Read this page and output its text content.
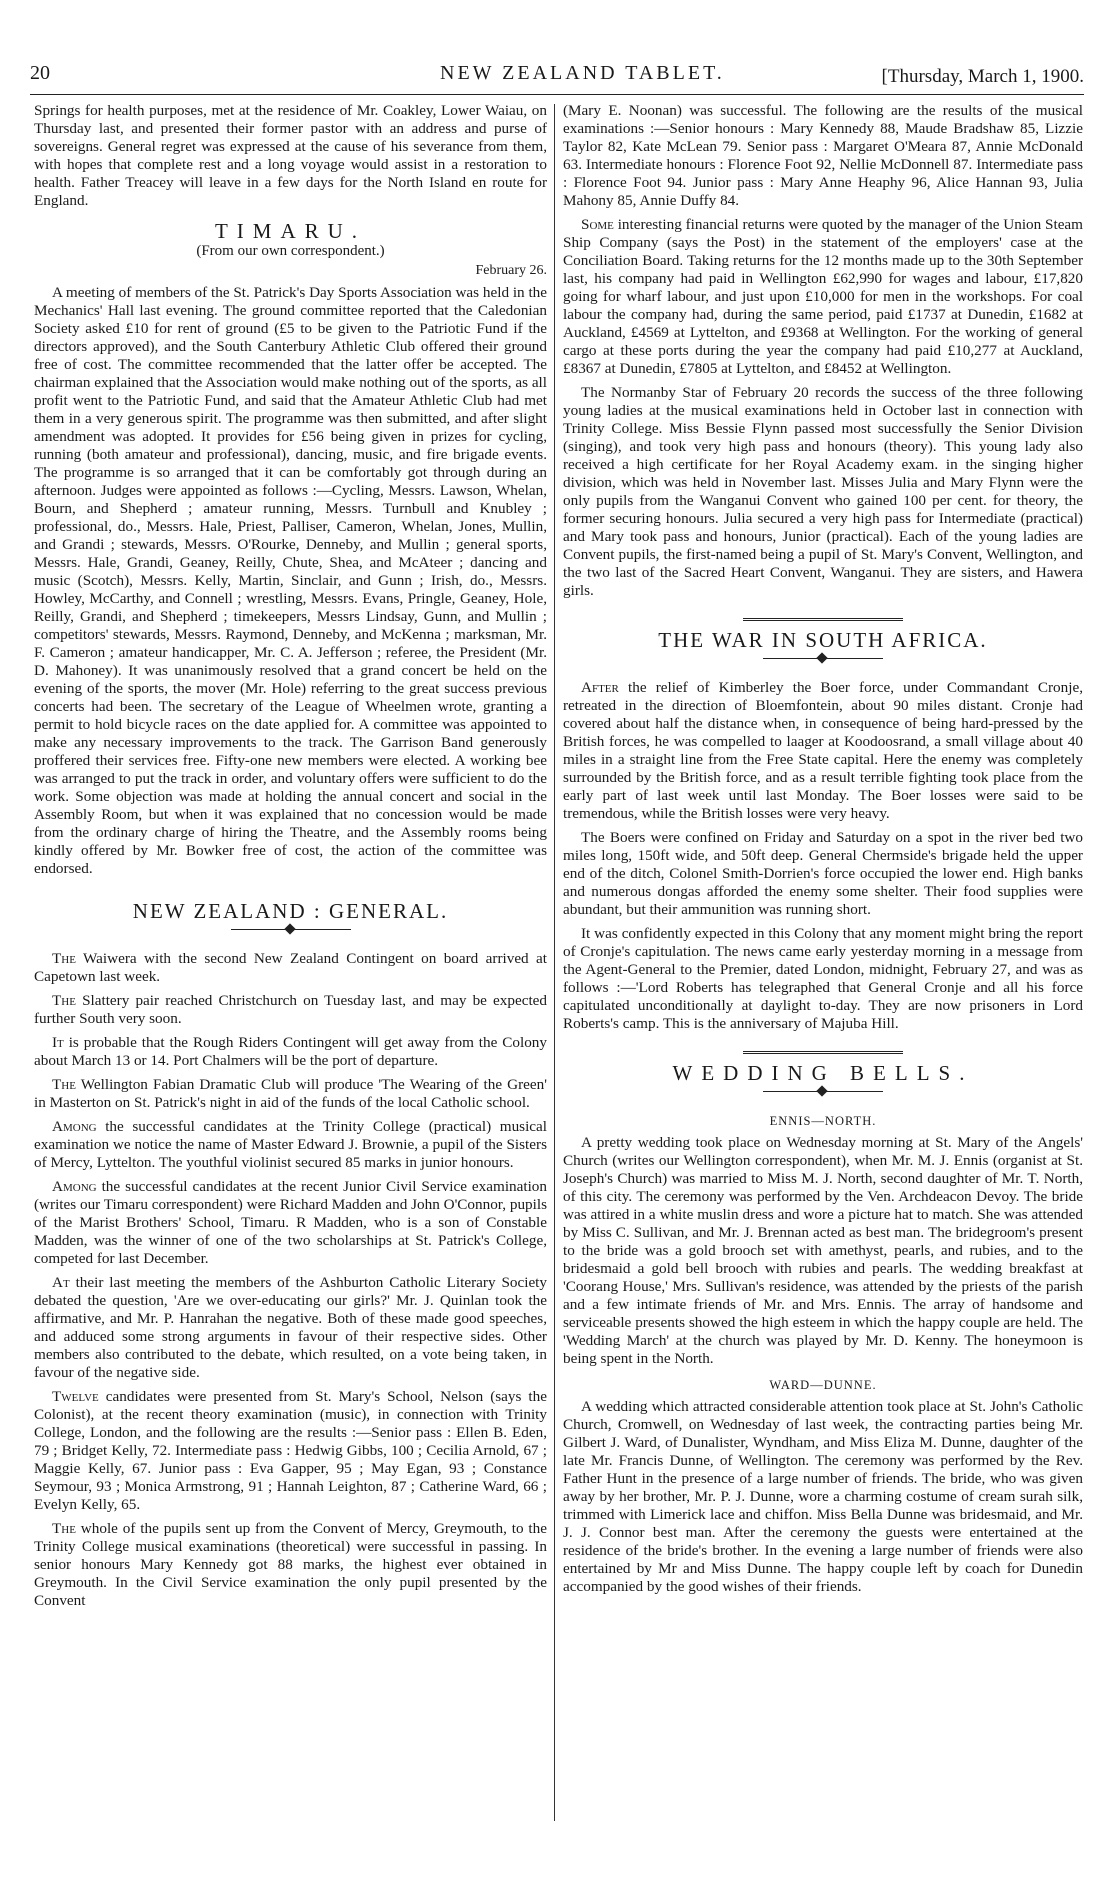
20	NEW ZEALAND TABLET.	[Thursday, March 1, 1900.

Springs for health purposes, met at the residence of Mr. Coakley, Lower Waiau, on Thursday last, and presented their former pastor with an address and purse of sovereigns. General regret was expressed at the cause of his severance from them, with hopes that complete rest and a long voyage would assist in a restoration to health. Father Treacey will leave in a few days for the North Island en route for England.

TIMARU.
(From our own correspondent.)
February 26.

A meeting of members of the St. Patrick's Day Sports Association was held in the Mechanics' Hall last evening. The ground committee reported that the Caledonian Society asked £10 for rent of ground (£5 to be given to the Patriotic Fund if the directors approved), and the South Canterbury Athletic Club offered their ground free of cost. The committee recommended that the latter offer be accepted. The chairman explained that the Association would make nothing out of the sports, as all profit went to the Patriotic Fund, and said that the Amateur Athletic Club had met them in a very generous spirit. The programme was then submitted, and after slight amendment was adopted. It provides for £56 being given in prizes for cycling, running (both amateur and professional), dancing, music, and fire brigade events. The programme is so arranged that it can be comfortably got through during an afternoon. Judges were appointed as follows :—Cycling, Messrs. Lawson, Whelan, Bourn, and Shepherd ; amateur running, Messrs. Turnbull and Knubley ; professional, do., Messrs. Hale, Priest, Palliser, Cameron, Whelan, Jones, Mullin, and Grandi ; stewards, Messrs. O'Rourke, Denneby, and Mullin ; general sports, Messrs. Hale, Grandi, Geaney, Reilly, Chute, Shea, and McAteer ; dancing and music (Scotch), Messrs. Kelly, Martin, Sinclair, and Gunn ; Irish, do., Messrs. Howley, McCarthy, and Connell ; wrestling, Messrs. Evans, Pringle, Geaney, Hole, Reilly, Grandi, and Shepherd ; timekeepers, Messrs Lindsay, Gunn, and Mullin ; competitors' stewards, Messrs. Raymond, Denneby, and McKenna ; marksman, Mr. F. Cameron ; amateur handicapper, Mr. C. A. Jefferson ; referee, the President (Mr. D. Mahoney). It was unanimously resolved that a grand concert be held on the evening of the sports, the mover (Mr. Hole) referring to the great success previous concerts had been. The secretary of the League of Wheelmen wrote, granting a permit to hold bicycle races on the date applied for. A committee was appointed to make any necessary improvements to the track. The Garrison Band generously proffered their services free. Fifty-one new members were elected. A working bee was arranged to put the track in order, and voluntary offers were sufficient to do the work. Some objection was made at holding the annual concert and social in the Assembly Room, but when it was explained that no concession would be made from the ordinary charge of hiring the Theatre, and the Assembly rooms being kindly offered by Mr. Bowker free of cost, the action of the committee was endorsed.

NEW ZEALAND : GENERAL.

The Waiwera with the second New Zealand Contingent on board arrived at Capetown last week.

The Slattery pair reached Christchurch on Tuesday last, and may be expected further South very soon.

It is probable that the Rough Riders Contingent will get away from the Colony about March 13 or 14. Port Chalmers will be the port of departure.

The Wellington Fabian Dramatic Club will produce 'The Wearing of the Green' in Masterton on St. Patrick's night in aid of the funds of the local Catholic school.

Among the successful candidates at the Trinity College (practical) musical examination we notice the name of Master Edward J. Brownie, a pupil of the Sisters of Mercy, Lyttelton. The youthful violinist secured 85 marks in junior honours.

Among the successful candidates at the recent Junior Civil Service examination (writes our Timaru correspondent) were Richard Madden and John O'Connor, pupils of the Marist Brothers' School, Timaru. R Madden, who is a son of Constable Madden, was the winner of one of the two scholarships at St. Patrick's College, competed for last December.

At their last meeting the members of the Ashburton Catholic Literary Society debated the question, 'Are we over-educating our girls?' Mr. J. Quinlan took the affirmative, and Mr. P. Hanrahan the negative. Both of these made good speeches, and adduced some strong arguments in favour of their respective sides. Other members also contributed to the debate, which resulted, on a vote being taken, in favour of the negative side.

Twelve candidates were presented from St. Mary's School, Nelson (says the Colonist), at the recent theory examination (music), in connection with Trinity College, London, and the following are the results :—Senior pass : Ellen B. Eden, 79 ; Bridget Kelly, 72. Intermediate pass : Hedwig Gibbs, 100 ; Cecilia Arnold, 67 ; Maggie Kelly, 67. Junior pass : Eva Gapper, 95 ; May Egan, 93 ; Constance Seymour, 93 ; Monica Armstrong, 91 ; Hannah Leighton, 87 ; Catherine Ward, 66 ; Evelyn Kelly, 65.

The whole of the pupils sent up from the Convent of Mercy, Greymouth, to the Trinity College musical examinations (theoretical) were successful in passing. In senior honours Mary Kennedy got 88 marks, the highest ever obtained in Greymouth. In the Civil Service examination the only pupil presented by the Convent

(Mary E. Noonan) was successful. The following are the results of the musical examinations :—Senior honours : Mary Kennedy 88, Maude Bradshaw 85, Lizzie Taylor 82, Kate McLean 79. Senior pass : Margaret O'Meara 87, Annie McDonald 63. Intermediate honours : Florence Foot 92, Nellie McDonnell 87. Intermediate pass : Florence Foot 94. Junior pass : Mary Anne Heaphy 96, Alice Hannan 93, Julia Mahony 85, Annie Duffy 84.

Some interesting financial returns were quoted by the manager of the Union Steam Ship Company (says the Post) in the statement of the employers' case at the Conciliation Board. Taking returns for the 12 months made up to the 30th September last, his company had paid in Wellington £62,990 for wages and labour, £17,820 going for wharf labour, and just upon £10,000 for men in the workshops. For coal labour the company had, during the same period, paid £1737 at Dunedin, £1682 at Auckland, £4569 at Lyttelton, and £9368 at Wellington. For the working of general cargo at these ports during the year the company had paid £10,277 at Auckland, £8367 at Dunedin, £7805 at Lyttelton, and £8452 at Wellington.

The Normanby Star of February 20 records the success of the three following young ladies at the musical examinations held in October last in connection with Trinity College. Miss Bessie Flynn passed most successfully the Senior Division (singing), and took very high pass and honours (theory). This young lady also received a high certificate for her Royal Academy exam. in the singing higher division, which was held in November last. Misses Julia and Mary Flynn were the only pupils from the Wanganui Convent who gained 100 per cent. for theory, the former securing honours. Julia secured a very high pass for Intermediate (practical) and Mary took pass and honours, Junior (practical). Each of the young ladies are Convent pupils, the first-named being a pupil of St. Mary's Convent, Wellington, and the two last of the Sacred Heart Convent, Wanganui. They are sisters, and Hawera girls.

THE WAR IN SOUTH AFRICA.

After the relief of Kimberley the Boer force, under Commandant Cronje, retreated in the direction of Bloemfontein, about 90 miles distant. Cronje had covered about half the distance when, in consequence of being hard-pressed by the British forces, he was compelled to laager at Koodoosrand, a small village about 40 miles in a straight line from the Free State capital. Here the enemy was completely surrounded by the British force, and as a result terrible fighting took place from the early part of last week until last Monday. The Boer losses were said to be tremendous, while the British losses were very heavy.

The Boers were confined on Friday and Saturday on a spot in the river bed two miles long, 150ft wide, and 50ft deep. General Chermside's brigade held the upper end of the ditch, Colonel Smith-Dorrien's force occupied the lower end. High banks and numerous dongas afforded the enemy some shelter. Their food supplies were abundant, but their ammunition was running short.

It was confidently expected in this Colony that any moment might bring the report of Cronje's capitulation. The news came early yesterday morning in a message from the Agent-General to the Premier, dated London, midnight, February 27, and was as follows :—'Lord Roberts has telegraphed that General Cronje and all his force capitulated unconditionally at daylight to-day. They are now prisoners in Lord Roberts's camp. This is the anniversary of Majuba Hill.

WEDDING BELLS.
ENNIS—NORTH.

A pretty wedding took place on Wednesday morning at St. Mary of the Angels' Church (writes our Wellington correspondent), when Mr. M. J. Ennis (organist at St. Joseph's Church) was married to Miss M. J. North, second daughter of Mr. T. North, of this city. The ceremony was performed by the Ven. Archdeacon Devoy. The bride was attired in a white muslin dress and wore a picture hat to match. She was attended by Miss C. Sullivan, and Mr. J. Brennan acted as best man. The bridegroom's present to the bride was a gold brooch set with amethyst, pearls, and rubies, and to the bridesmaid a gold bell brooch with rubies and pearls. The wedding breakfast at 'Coorang House,' Mrs. Sullivan's residence, was attended by the priests of the parish and a few intimate friends of Mr. and Mrs. Ennis. The array of handsome and serviceable presents showed the high esteem in which the happy couple are held. The 'Wedding March' at the church was played by Mr. D. Kenny. The honeymoon is being spent in the North.

WARD—DUNNE.

A wedding which attracted considerable attention took place at St. John's Catholic Church, Cromwell, on Wednesday of last week, the contracting parties being Mr. Gilbert J. Ward, of Dunalister, Wyndham, and Miss Eliza M. Dunne, daughter of the late Mr. Francis Dunne, of Wellington. The ceremony was performed by the Rev. Father Hunt in the presence of a large number of friends. The bride, who was given away by her brother, Mr. P. J. Dunne, wore a charming costume of cream surah silk, trimmed with Limerick lace and chiffon. Miss Bella Dunne was bridesmaid, and Mr. J. J. Connor best man. After the ceremony the guests were entertained at the residence of the bride's brother. In the evening a large number of friends were also entertained by Mr and Miss Dunne. The happy couple left by coach for Dunedin accompanied by the good wishes of their friends.
